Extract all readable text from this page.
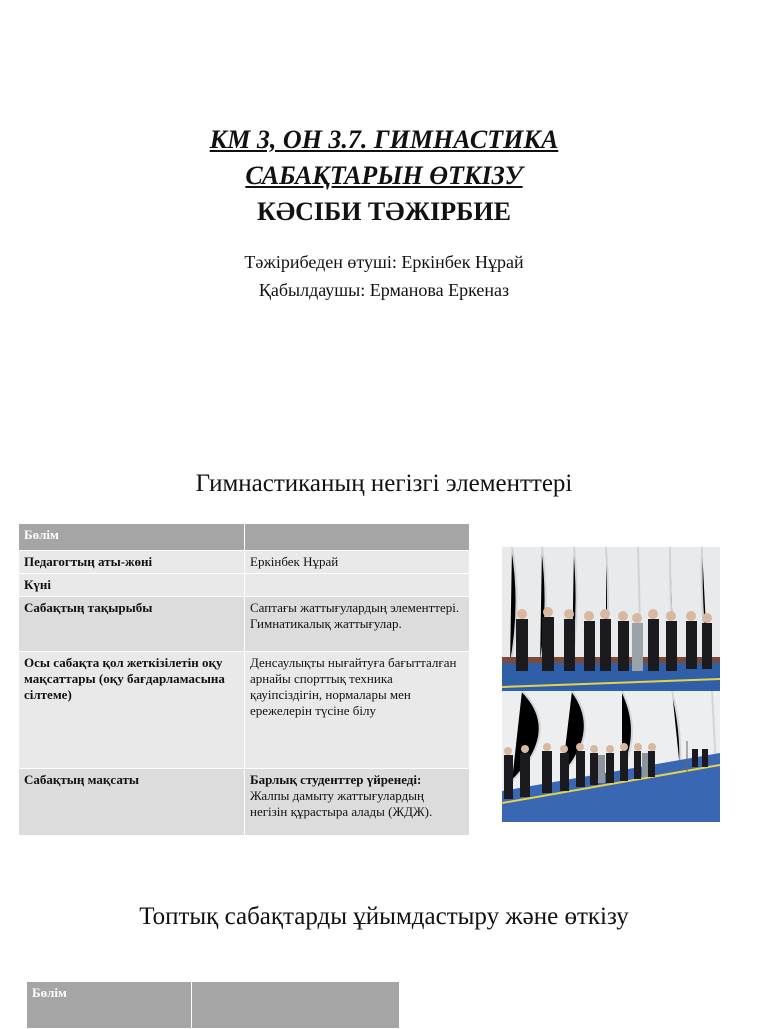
КМ 3, ОН 3.7. ГИМНАСТИКА
САБАҚТАРЫН ӨТКІЗУ
КӘСІБИ ТӘЖІРБИЕ
Тәжірибеден өтуші: Еркінбек Нұрай
Қабылдаушы: Ерманова Еркеназ
Гимнастиканың негізгі элементтері
Бөлім	
Педагогтың аты-жөні	Еркінбек Нұрай
Күні	
Сабақтың тақырыбы	Саптағы жаттығулардың элементтері. Гимнатикалық жаттығулар.
Осы сабақта қол жеткізілетін оқу мақсаттары (оқу бағдарламасына сілтеме)	Денсаулықты нығайтуға бағытталған арнайы спорттық техника қауіпсіздігін, нормалары мен ережелерін түсіне білу
Сабақтың мақсаты	Барлық студенттер үйренеді:
Жалпы дамыту жаттығулардың негізін құрастыра алады (ЖДЖ).
Топтық сабақтарды ұйымдастыру және өткізу
Бөлім	
